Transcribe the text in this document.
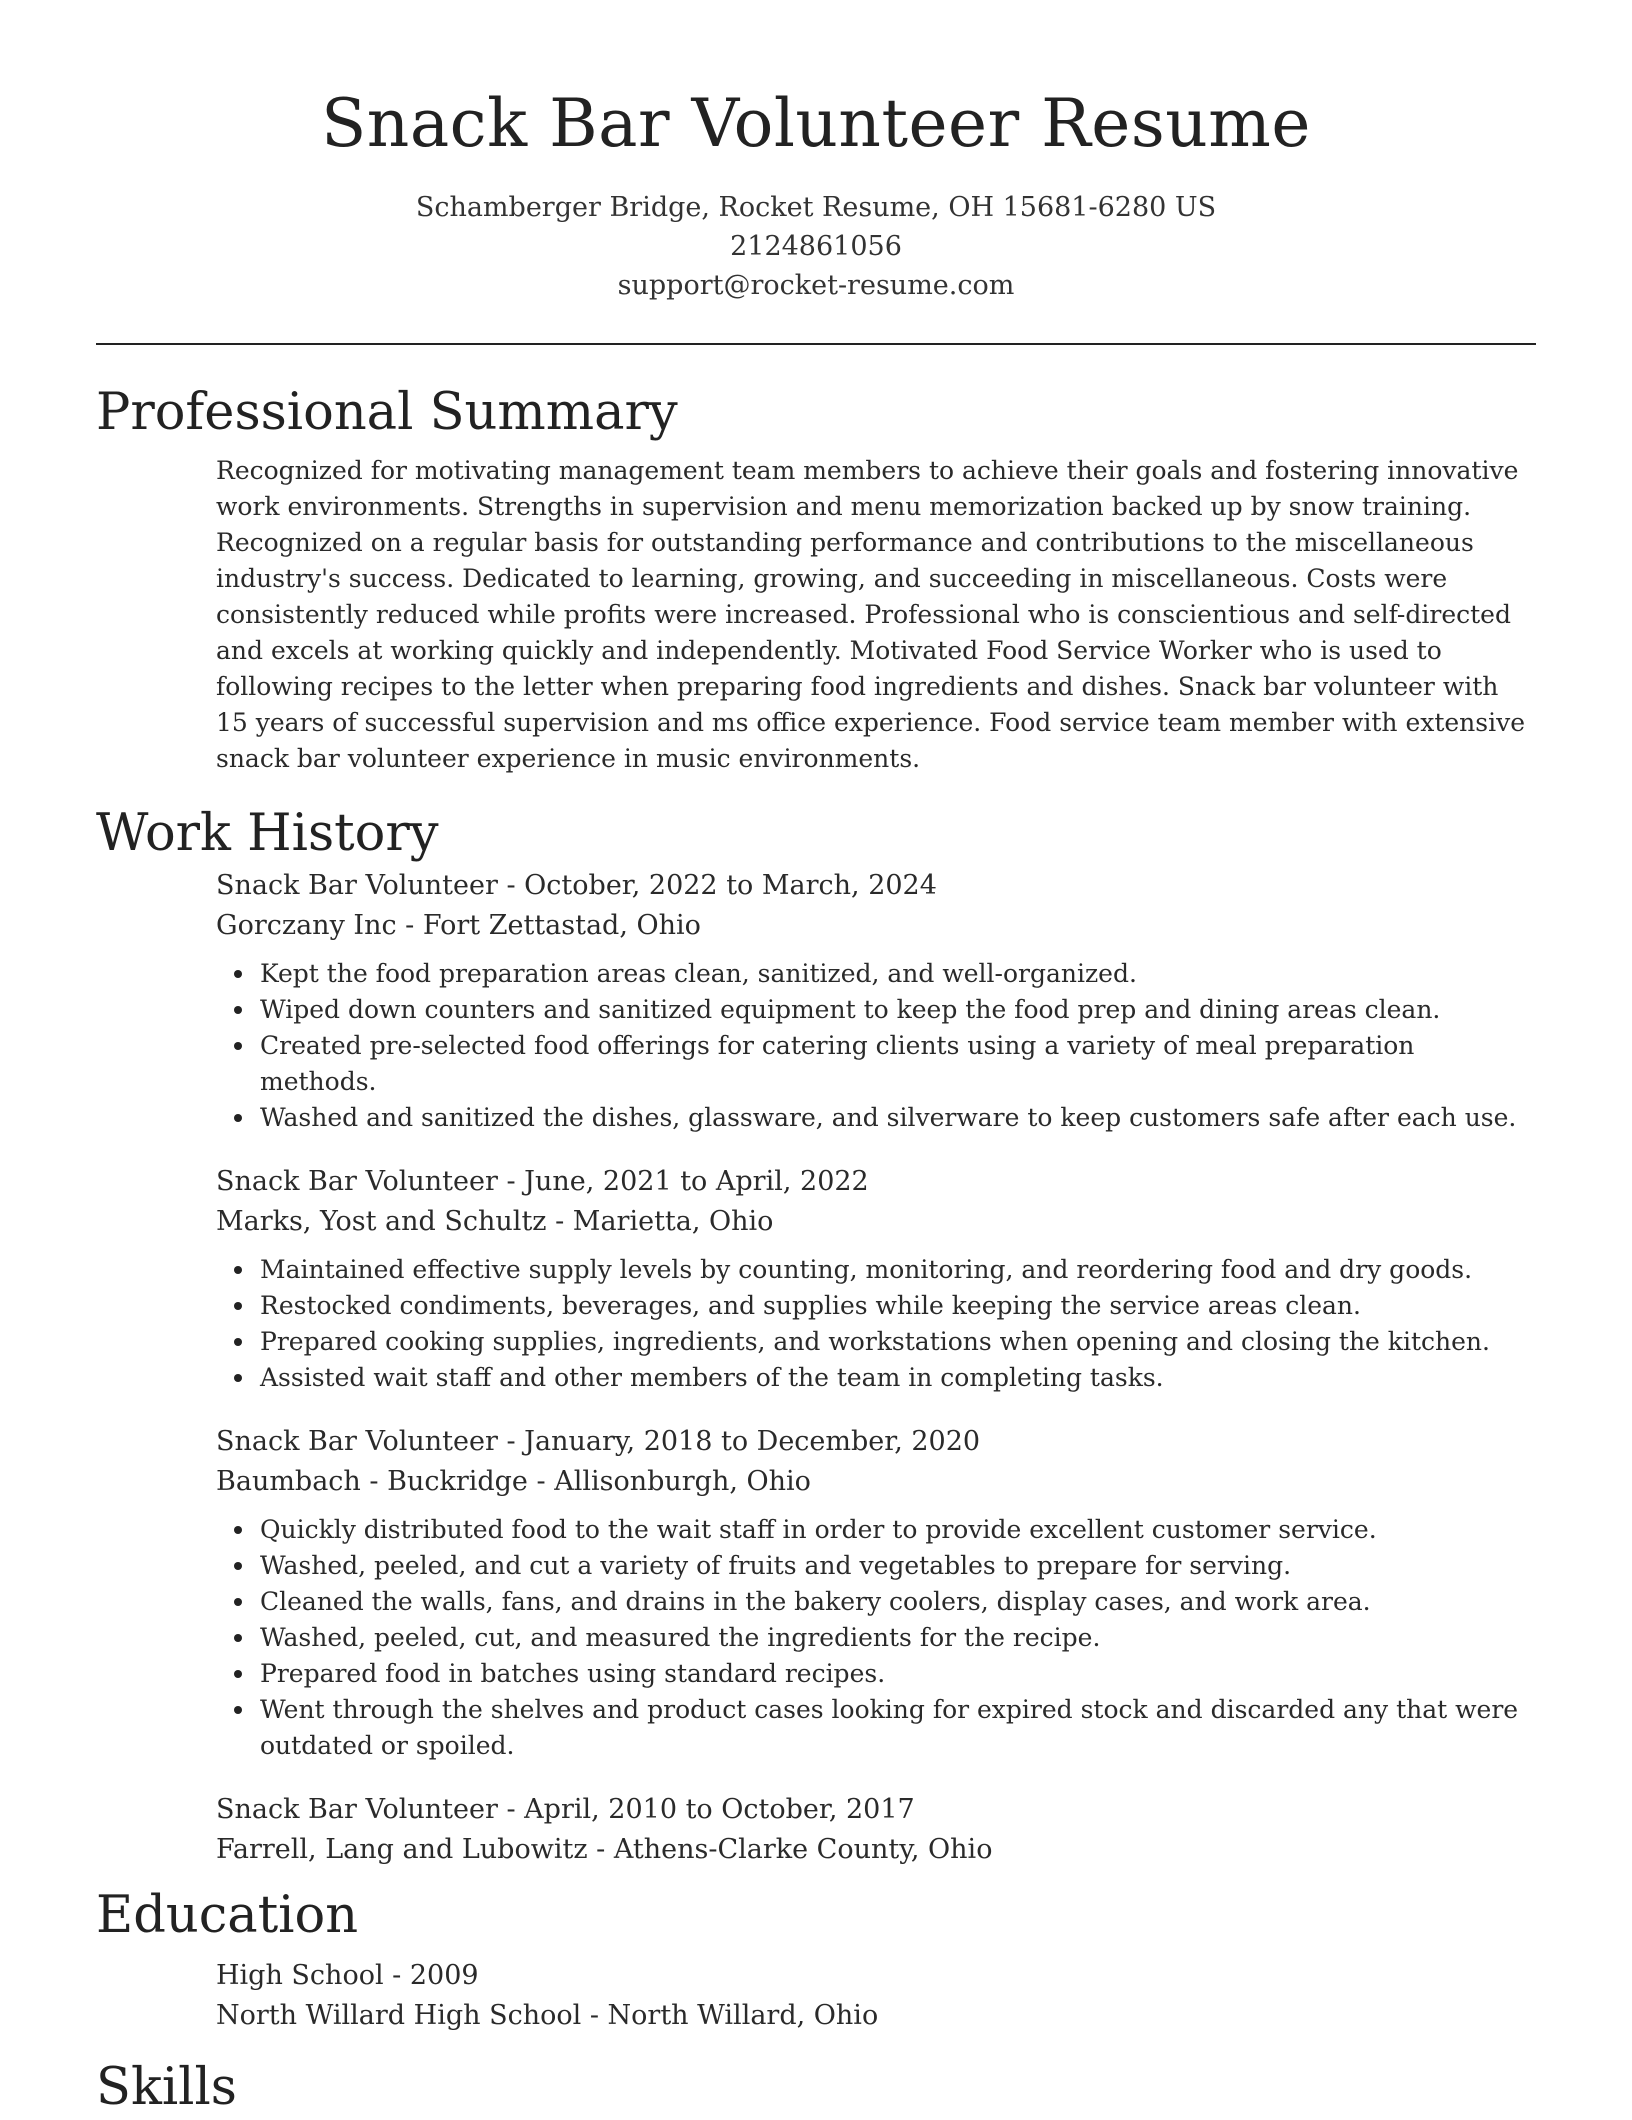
Snack Bar Volunteer Resume
Schamberger Bridge, Rocket Resume, OH 15681-6280 US
2124861056
support@rocket-resume.com
Professional Summary

Recognized for motivating management team members to achieve their goals and fostering innovative work environments. Strengths in supervision and menu memorization backed up by snow training. Recognized on a regular basis for outstanding performance and contributions to the miscellaneous industry's success. Dedicated to learning, growing, and succeeding in miscellaneous. Costs were consistently reduced while profits were increased. Professional who is conscientious and self-directed and excels at working quickly and independently. Motivated Food Service Worker who is used to following recipes to the letter when preparing food ingredients and dishes. Snack bar volunteer with 15 years of successful supervision and ms office experience. Food service team member with extensive snack bar volunteer experience in music environments.

Work History
Snack Bar Volunteer - October, 2022 to March, 2024
Gorczany Inc - Fort Zettastad, Ohio
Kept the food preparation areas clean, sanitized, and well-organized.
Wiped down counters and sanitized equipment to keep the food prep and dining areas clean.
Created pre-selected food offerings for catering clients using a variety of meal preparation methods.
Washed and sanitized the dishes, glassware, and silverware to keep customers safe after each use.
Snack Bar Volunteer - June, 2021 to April, 2022
Marks, Yost and Schultz - Marietta, Ohio
Maintained effective supply levels by counting, monitoring, and reordering food and dry goods.
Restocked condiments, beverages, and supplies while keeping the service areas clean.
Prepared cooking supplies, ingredients, and workstations when opening and closing the kitchen.
Assisted wait staff and other members of the team in completing tasks.
Snack Bar Volunteer - January, 2018 to December, 2020
Baumbach - Buckridge - Allisonburgh, Ohio
Quickly distributed food to the wait staff in order to provide excellent customer service.
Washed, peeled, and cut a variety of fruits and vegetables to prepare for serving.
Cleaned the walls, fans, and drains in the bakery coolers, display cases, and work area.
Washed, peeled, cut, and measured the ingredients for the recipe.
Prepared food in batches using standard recipes.
Went through the shelves and product cases looking for expired stock and discarded any that were outdated or spoiled.
Snack Bar Volunteer - April, 2010 to October, 2017
Farrell, Lang and Lubowitz - Athens-Clarke County, Ohio
Education
High School - 2009
North Willard High School - North Willard, Ohio
Skills
